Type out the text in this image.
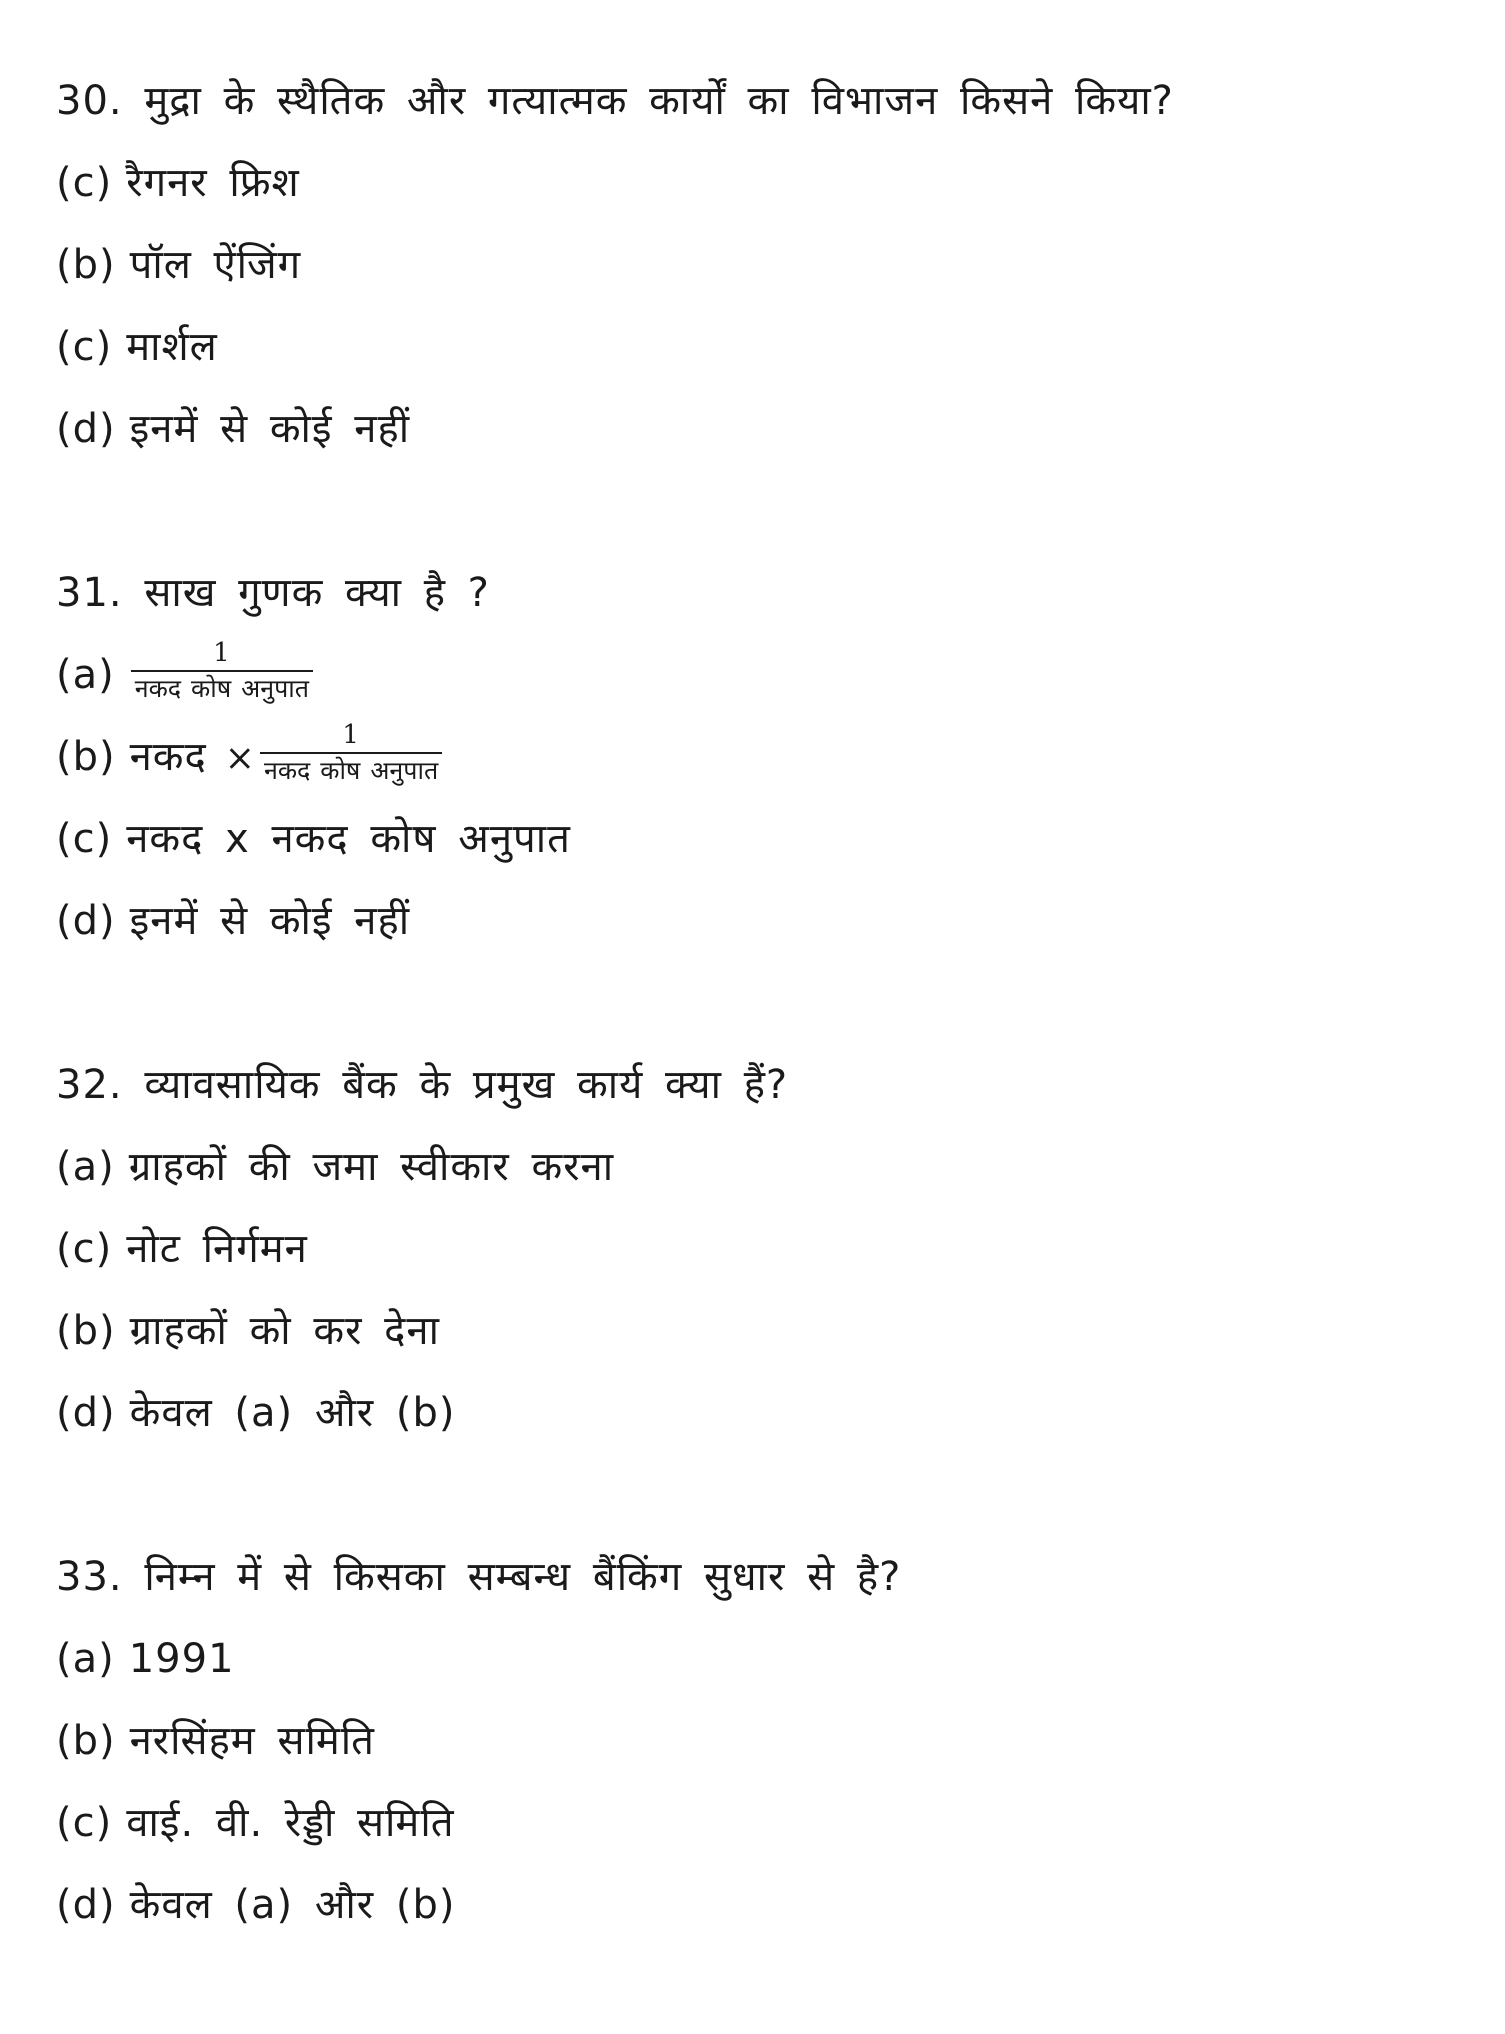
30. मुद्रा के स्थैतिक और गत्यात्मक कार्यों का विभाजन किसने किया?
(c) रैगनर फ्रिश
(b) पॉल ऐंजिंग
(c) मार्शल
(d) इनमें से कोई नहीं
31. साख गुणक क्या है ?
$(a) \frac{1}{\text{नकद कोष अनुपात}}$
(b) नकद × $\frac{1}{\text{नकद कोष अनुपात}}$
(c) नकद x नकद कोष अनुपात
(d) इनमें से कोई नहीं
32. व्यावसायिक बैंक के प्रमुख कार्य क्या हैं?
(a) ग्राहकों की जमा स्वीकार करना
(c) नोट निर्गमन
(b) ग्राहकों को कर देना
(d) केवल (a) और (b)
33. निम्न में से किसका सम्बन्ध बैंकिंग सुधार से है?
(a) 1991
(b) नरसिंहम समिति
(c) वाई. वी. रेड्डी समिति
(d) केवल (a) और (b)
